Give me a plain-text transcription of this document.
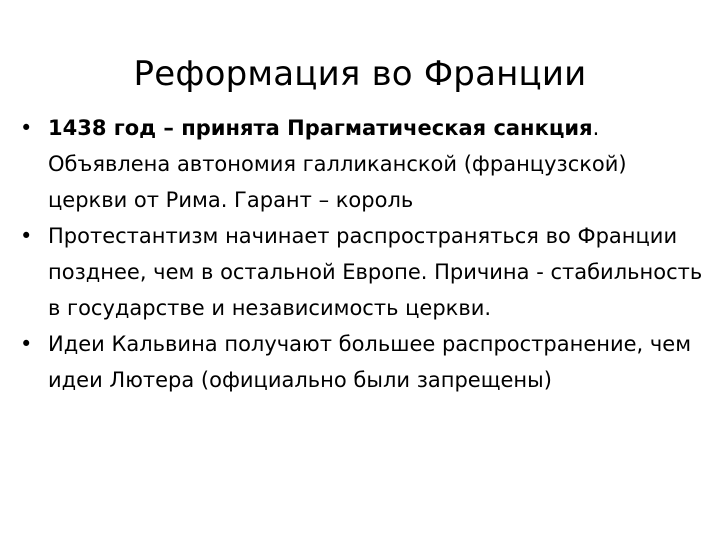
Реформация во Франции
• 1438 год – принята Прагматическая санкция. Объявлена автономия галликанской (французской) церкви от Рима. Гарант – король
• Протестантизм начинает распространяться во Франции позднее, чем в остальной Европе. Причина - стабильность в государстве и независимость церкви.
• Идеи Кальвина получают большее распространение, чем идеи Лютера (официально были запрещены)
